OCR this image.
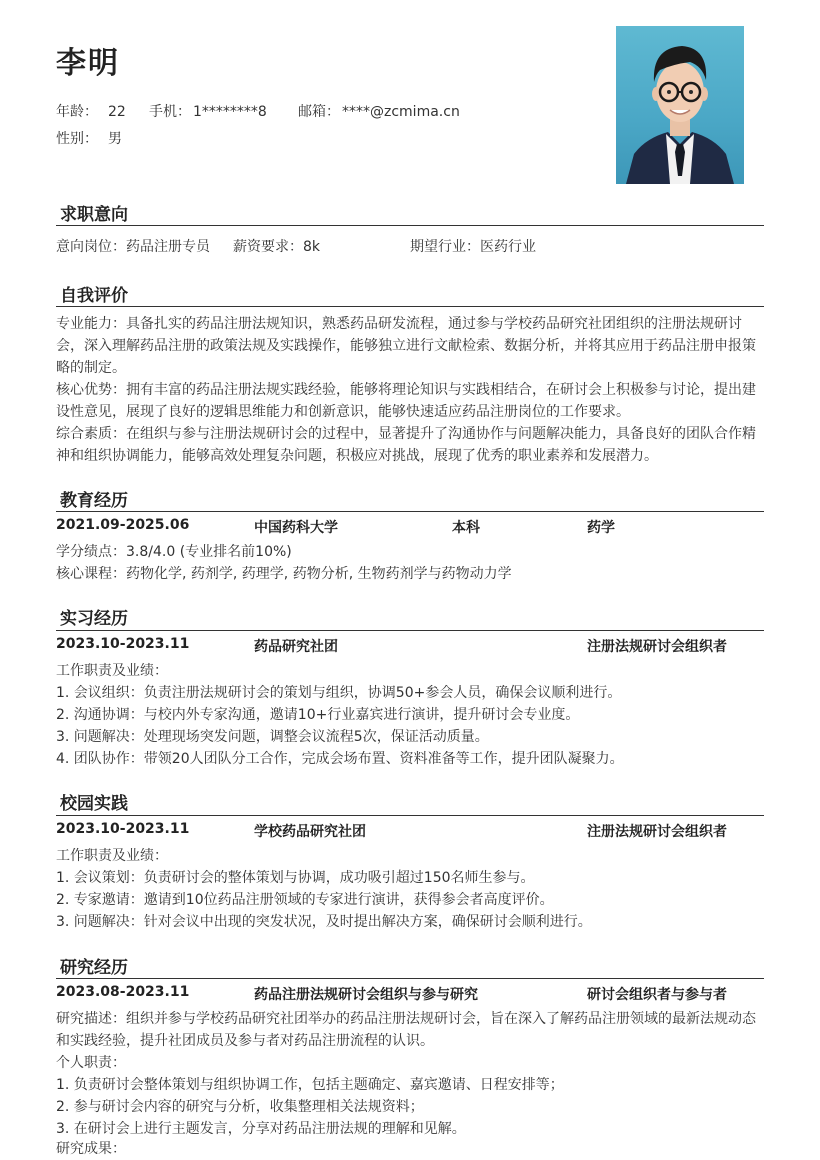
李明
年龄： 22 手机： 1********8 邮箱： ****@zcmima.cn
性别： 男
求职意向
意向岗位：药品注册专员 薪资要求：8k	期望行业：医药行业
自我评价
专业能力：具备扎实的药品注册法规知识，熟悉药品研发流程，通过参与学校药品研究社团组织的注册法规研讨
会，深入理解药品注册的政策法规及实践操作，能够独立进行文献检索、数据分析，并将其应用于药品注册申报策
略的制定。
核心优势：拥有丰富的药品注册法规实践经验，能够将理论知识与实践相结合，在研讨会上积极参与讨论，提出建
设性意见，展现了良好的逻辑思维能力和创新意识，能够快速适应药品注册岗位的工作要求。
综合素质：在组织与参与注册法规研讨会的过程中，显著提升了沟通协作与问题解决能力，具备良好的团队合作精
神和组织协调能力，能够高效处理复杂问题，积极应对挑战，展现了优秀的职业素养和发展潜力。
教育经历
2021.09-2025.06	中国药科大学	本科	药学
学分绩点：3.8/4.0 (专业排名前10%)
核心课程：药物化学, 药剂学, 药理学, 药物分析, 生物药剂学与药物动力学
实习经历
2023.10-2023.11	药品研究社团	注册法规研讨会组织者
工作职责及业绩：
1. 会议组织：负责注册法规研讨会的策划与组织，协调50+参会人员，确保会议顺利进行。
2. 沟通协调：与校内外专家沟通，邀请10+行业嘉宾进行演讲，提升研讨会专业度。
3. 问题解决：处理现场突发问题，调整会议流程5次，保证活动质量。
4. 团队协作：带领20人团队分工合作，完成会场布置、资料准备等工作，提升团队凝聚力。
校园实践
2023.10-2023.11	学校药品研究社团	注册法规研讨会组织者
工作职责及业绩：
1. 会议策划：负责研讨会的整体策划与协调，成功吸引超过150名师生参与。
2. 专家邀请：邀请到10位药品注册领域的专家进行演讲，获得参会者高度评价。
3. 问题解决：针对会议中出现的突发状况，及时提出解决方案，确保研讨会顺利进行。
研究经历
2023.08-2023.11	药品注册法规研讨会组织与参与研究	研讨会组织者与参与者
研究描述：组织并参与学校药品研究社团举办的药品注册法规研讨会，旨在深入了解药品注册领域的最新法规动态
和实践经验，提升社团成员及参与者对药品注册流程的认识。
个人职责：
1. 负责研讨会整体策划与组织协调工作，包括主题确定、嘉宾邀请、日程安排等；
2. 参与研讨会内容的研究与分析，收集整理相关法规资料；
3. 在研讨会上进行主题发言，分享对药品注册法规的理解和见解。
研究成果：
